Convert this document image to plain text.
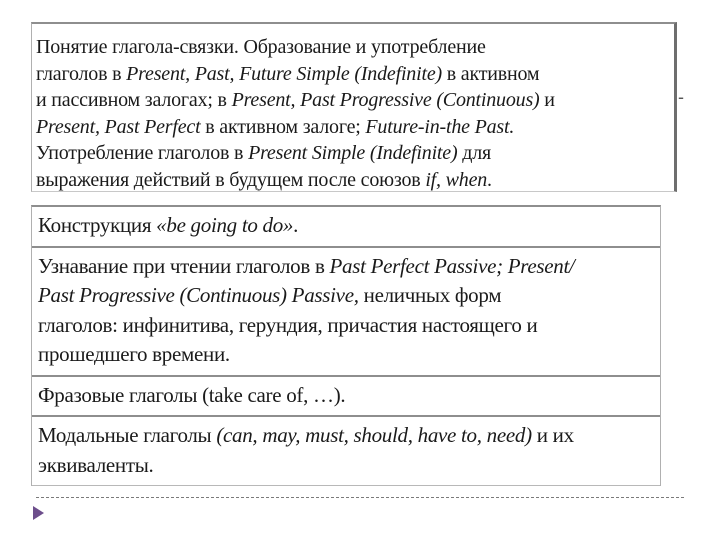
Понятие глагола-связки. Образование и употребление

глаголов в Present, Past, Future Simple (Indefinite) в активном

и пассивном залогах; в Present, Past Progressive (Continuous) и

Present, Past Perfect в активном залоге; Future-in-the Past.

Употребление глаголов в Present Simple (Indefinite) для

выражения действий в будущем после союзов if, when.

-

Конструкция «be going to do».

Узнавание при чтении глаголов в Past Perfect Passive; Present/

Past Progressive (Continuous) Passive, неличных форм

глаголов: инфинитива, герундия, причастия настоящего и

прошедшего времени.

Фразовые глаголы (take care of, …).

Модальные глаголы (can, may, must, should, have to, need) и их

эквиваленты.
